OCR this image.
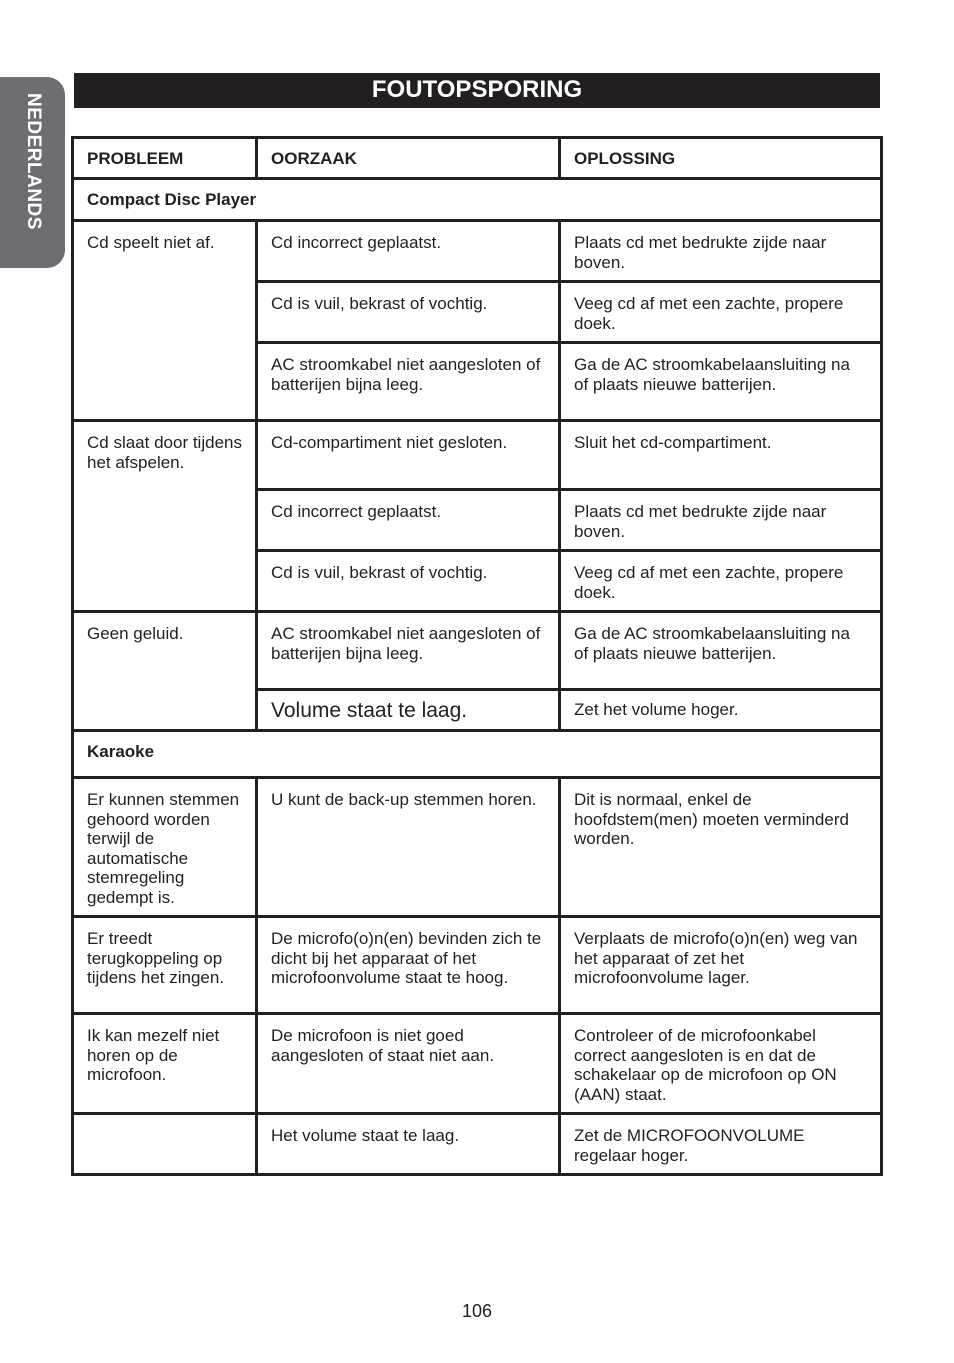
NEDERLANDS
FOUTOPSPORING
PROBLEEM	OORZAAK	OPLOSSING
Compact Disc Player		
Cd speelt niet af.	Cd incorrect geplaatst.	Plaats cd met bedrukte zijde naar boven.
	Cd is vuil, bekrast of vochtig.	Veeg cd af met een zachte, propere doek.
	AC stroomkabel niet aangesloten of batterijen bijna leeg.	Ga de AC stroomkabelaansluiting na of plaats nieuwe batterijen.
Cd slaat door tijdens het afspelen.	Cd-compartiment niet gesloten.	Sluit het cd-compartiment.
	Cd incorrect geplaatst.	Plaats cd met bedrukte zijde naar boven.
	Cd is vuil, bekrast of vochtig.	Veeg cd af met een zachte, propere doek.
Geen geluid.	AC stroomkabel niet aangesloten of batterijen bijna leeg.	Ga de AC stroomkabelaansluiting na of plaats nieuwe batterijen.
	Volume staat te laag.	Zet het volume hoger.
Karaoke		
Er kunnen stemmen gehoord worden terwijl de automatische stemregeling gedempt is.	U kunt de back-up stemmen horen.	Dit is normaal, enkel de hoofdstem(men) moeten verminderd worden.
Er treedt terugkoppeling op tijdens het zingen.	De microfo(o)n(en) bevinden zich te dicht bij het apparaat of het microfoonvolume staat te hoog.	Verplaats de microfo(o)n(en) weg van het apparaat of zet het microfoonvolume lager.
Ik kan mezelf niet horen op de microfoon.	De microfoon is niet goed aangesloten of staat niet aan.	Controleer of de microfoonkabel correct aangesloten is en dat de schakelaar op de microfoon op ON (AAN) staat.
	Het volume staat te laag.	Zet de MICROFOONVOLUME regelaar hoger.
106
